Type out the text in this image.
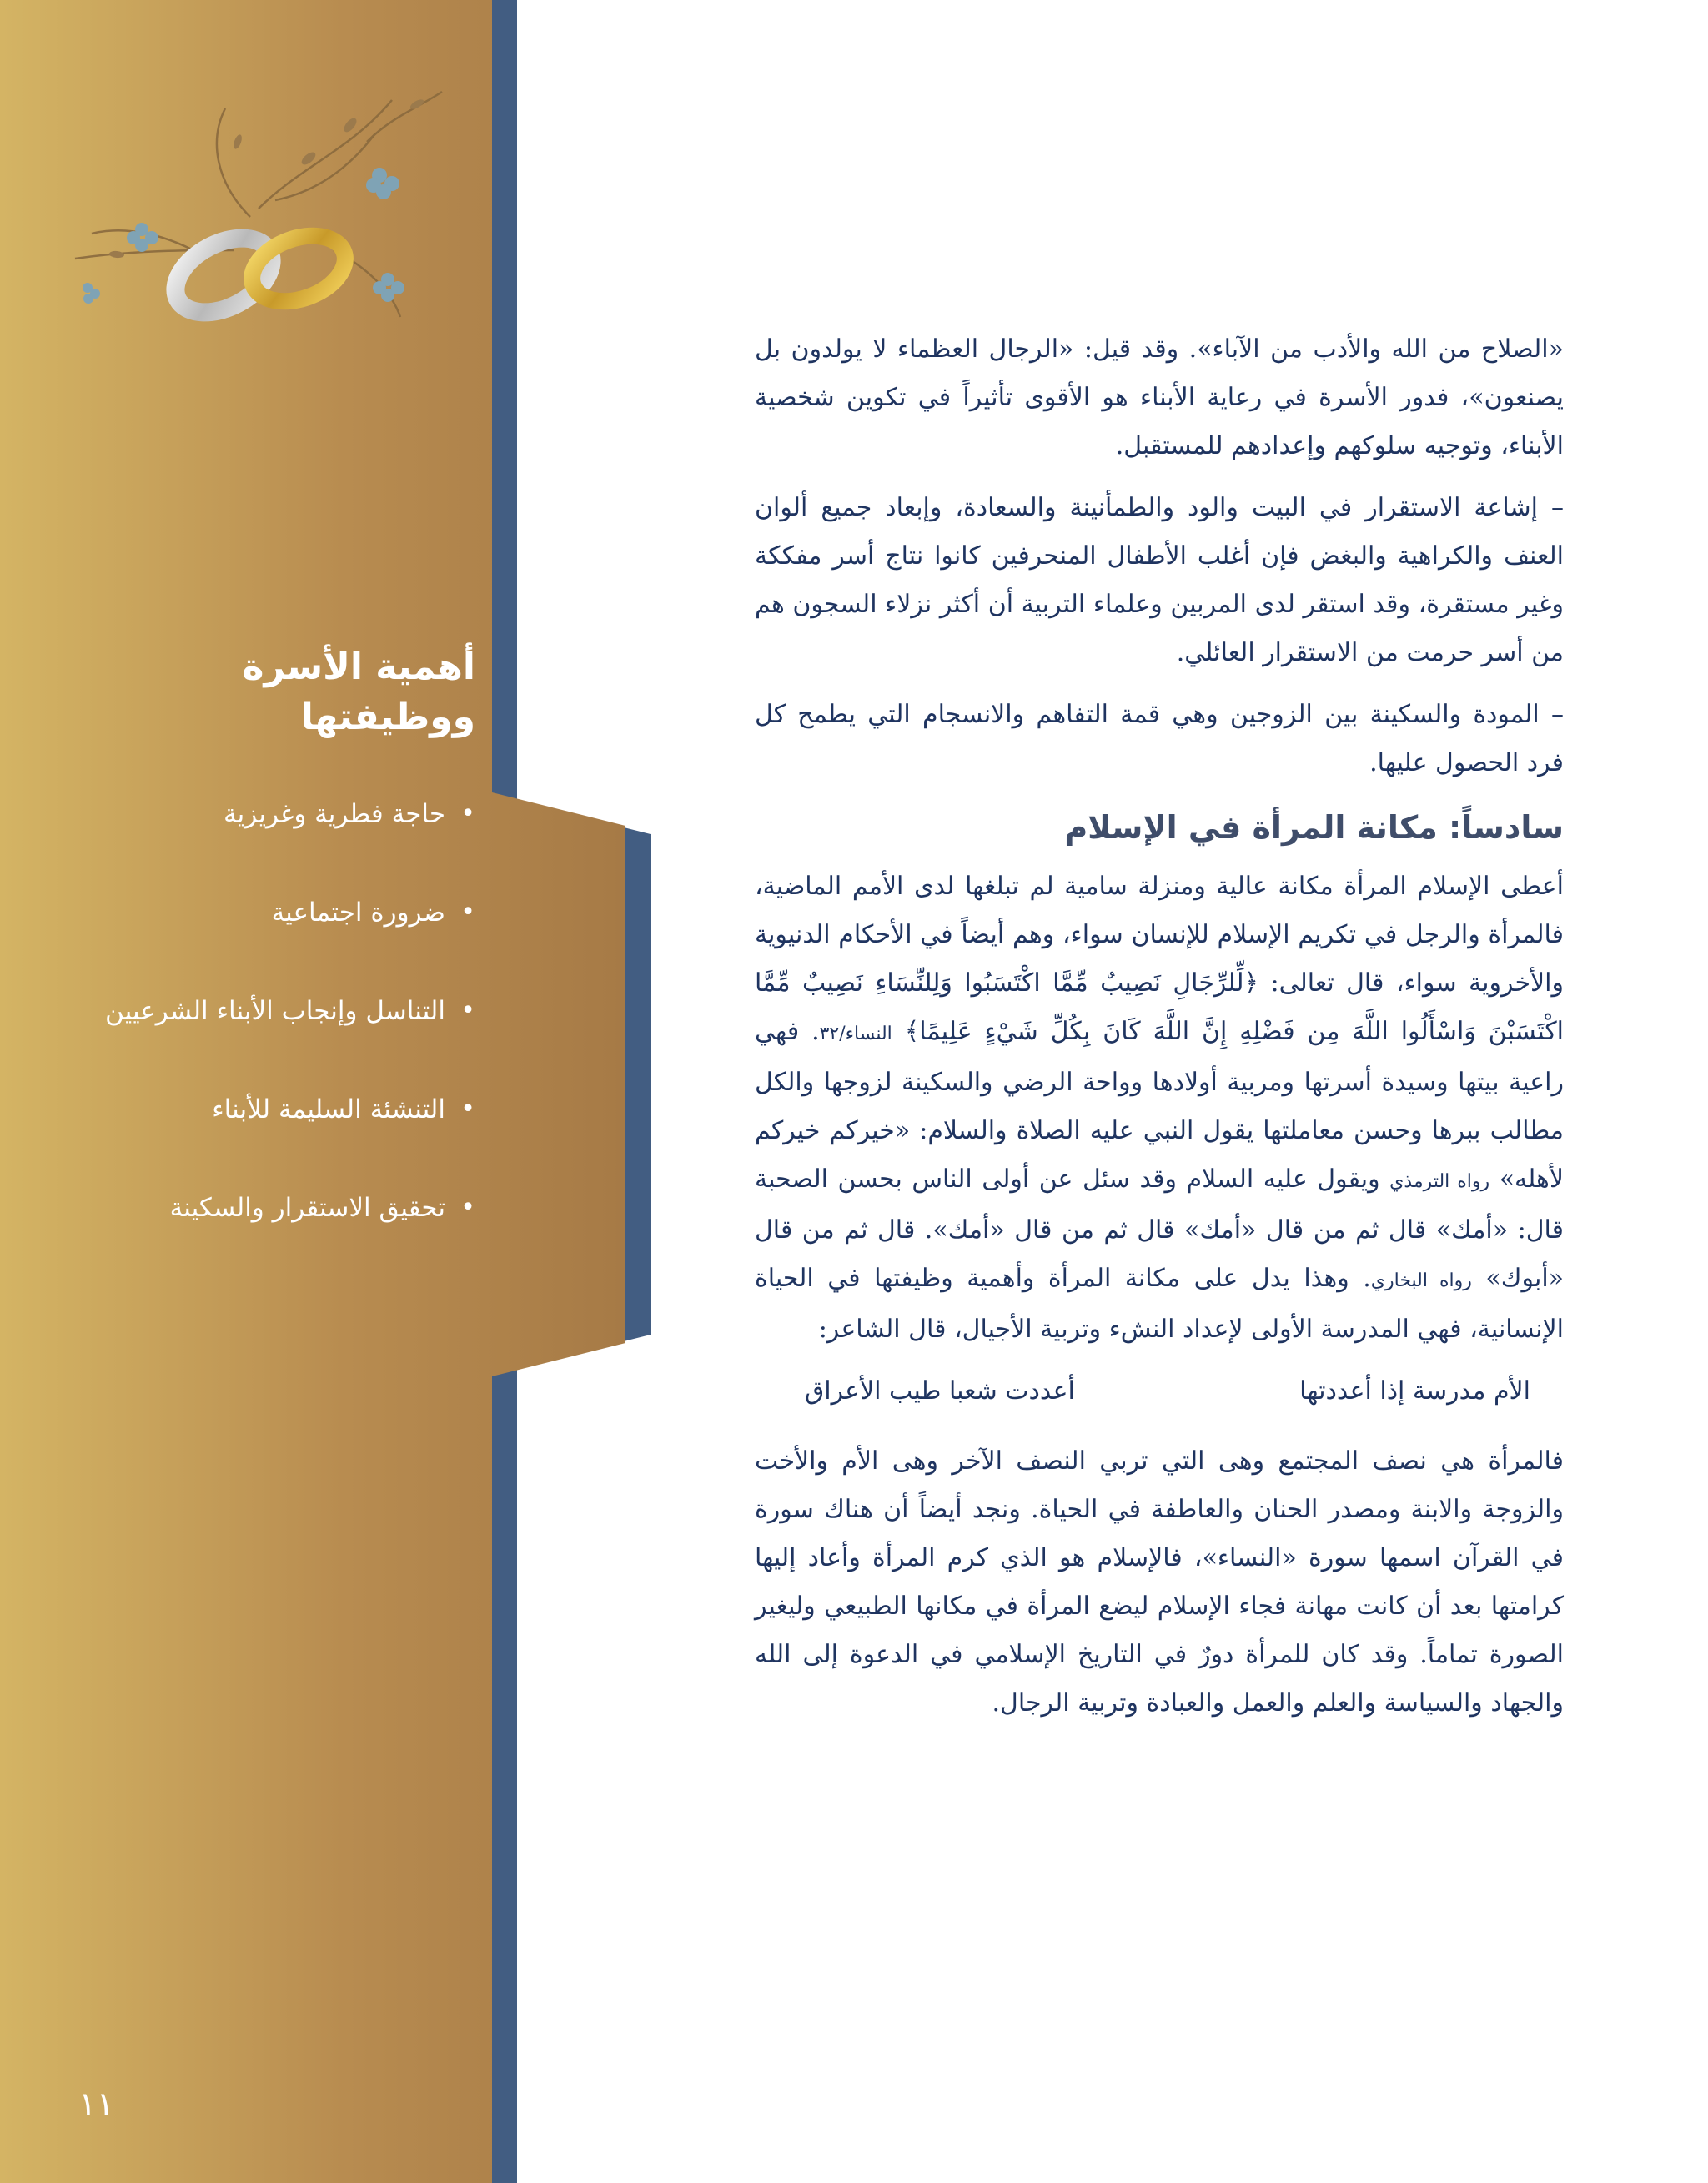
أهمية الأسرة ووظيفتها
•
حاجة فطرية وغريزية
•
ضرورة اجتماعية
•
التناسل وإنجاب الأبناء الشرعيين
•
التنشئة السليمة للأبناء
•
تحقيق الاستقرار والسكينة
١١

«الصلاح من الله والأدب من الآباء». وقد قيل: «الرجال العظماء لا يولدون بل يصنعون»، فدور الأسرة في رعاية الأبناء هو الأقوى تأثيراً في تكوين شخصية الأبناء، وتوجيه سلوكهم وإعدادهم للمستقبل.

– إشاعة الاستقرار في البيت والود والطمأنينة والسعادة، وإبعاد جميع ألوان العنف والكراهية والبغض فإن أغلب الأطفال المنحرفين كانوا نتاج أسر مفككة وغير مستقرة، وقد استقر لدى المربين وعلماء التربية أن أكثر نزلاء السجون هم من أسر حرمت من الاستقرار العائلي.

– المودة والسكينة بين الزوجين وهي قمة التفاهم والانسجام التي يطمح كل فرد الحصول عليها.

سادساً: مكانة المرأة في الإسلام

أعطى الإسلام المرأة مكانة عالية ومنزلة سامية لم تبلغها لدى الأمم الماضية، فالمرأة والرجل في تكريم الإسلام للإنسان سواء، وهم أيضاً في الأحكام الدنيوية والأخروية سواء، قال تعالى: ﴿لِّلرِّجَالِ نَصِيبٌ مِّمَّا اكْتَسَبُوا وَلِلنِّسَاءِ نَصِيبٌ مِّمَّا اكْتَسَبْنَ وَاسْأَلُوا اللَّهَ مِن فَضْلِهِ إِنَّ اللَّهَ كَانَ بِكُلِّ شَيْءٍ عَلِيمًا﴾ النساء/٣٢. فهي راعية بيتها وسيدة أسرتها ومربية أولادها وواحة الرضي والسكينة لزوجها والكل مطالب ببرها وحسن معاملتها يقول النبي عليه الصلاة والسلام: «خيركم خيركم لأهله» رواه الترمذي ويقول عليه السلام وقد سئل عن أولى الناس بحسن الصحبة قال: «أمك» قال ثم من قال «أمك» قال ثم من قال «أمك». قال ثم من قال «أبوك» رواه البخاري. وهذا يدل على مكانة المرأة وأهمية وظيفتها في الحياة الإنسانية، فهي المدرسة الأولى لإعداد النشء وتربية الأجيال، قال الشاعر:

الأم مدرسة إذا أعددتها
أعددت شعبا طيب الأعراق

فالمرأة هي نصف المجتمع وهى التي تربي النصف الآخر وهى الأم والأخت والزوجة والابنة ومصدر الحنان والعاطفة في الحياة. ونجد أيضاً أن هناك سورة في القرآن اسمها سورة «النساء»، فالإسلام هو الذي كرم المرأة وأعاد إليها كرامتها بعد أن كانت مهانة فجاء الإسلام ليضع المرأة في مكانها الطبيعي وليغير الصورة تماماً. وقد كان للمرأة دورٌ في التاريخ الإسلامي في الدعوة إلى الله والجهاد والسياسة والعلم والعمل والعبادة وتربية الرجال.
